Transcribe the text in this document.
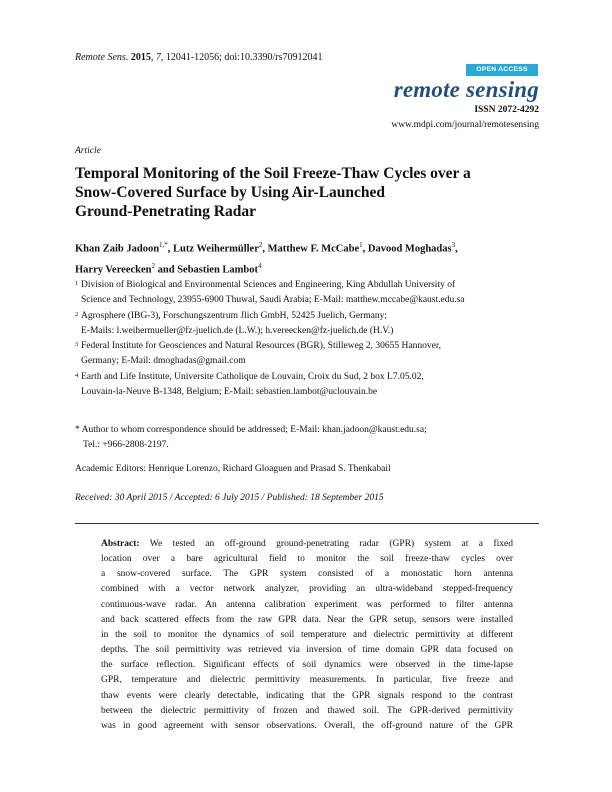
Remote Sens. 2015, 7, 12041-12056; doi:10.3390/rs70912041
OPEN ACCESS
remote sensing
ISSN 2072-4292
www.mdpi.com/journal/remotesensing
Article
Temporal Monitoring of the Soil Freeze-Thaw Cycles over a
Snow-Covered Surface by Using Air-Launched
Ground-Penetrating Radar
Khan Zaib Jadoon$^{1,*}$, Lutz Weihermüller$^2$, Matthew F. McCabe$^1$, Davood Moghadas$^3$,
Harry Vereecken$^2$ and Sebastien Lambot$^4$
1 Division of Biological and Environmental Sciences and Engineering, King Abdullah University of
Science and Technology, 23955-6900 Thuwal, Saudi Arabia; E-Mail: matthew.mccabe@kaust.edu.sa
2 Agrosphere (IBG-3), Forschungszentrum Jlich GmbH, 52425 Juelich, Germany;
E-Mails: l.weihermueller@fz-juelich.de (L.W.); h.vereecken@fz-juelich.de (H.V.)
3 Federal Institute for Geosciences and Natural Resources (BGR), Stilleweg 2, 30655 Hannover,
Germany; E-Mail: dmoghadas@gmail.com
4 Earth and Life Institute, Universite Catholique de Louvain, Croix du Sud, 2 box L7.05.02,
Louvain-la-Neuve B-1348, Belgium; E-Mail: sebastien.lambot@uclouvain.be
* Author to whom correspondence should be addressed; E-Mail: khan.jadoon@kaust.edu.sa;
Tel.: +966-2808-2197.
Academic Editors: Henrique Lorenzo, Richard Gloaguen and Prasad S. Thenkabail
Received: 30 April 2015 / Accepted: 6 July 2015 / Published: 18 September 2015
Abstract: We tested an off-ground ground-penetrating radar (GPR) system at a fixed
location over a bare agricultural field to monitor the soil freeze-thaw cycles over
a snow-covered surface. The GPR system consisted of a monostatic horn antenna
combined with a vector network analyzer, providing an ultra-wideband stepped-frequency
continuous-wave radar. An antenna calibration experiment was performed to filter antenna
and back scattered effects from the raw GPR data. Near the GPR setup, sensors were installed
in the soil to monitor the dynamics of soil temperature and dielectric permittivity at different
depths. The soil permittivity was retrieved via inversion of time domain GPR data focused on
the surface reflection. Significant effects of soil dynamics were observed in the time-lapse
GPR, temperature and dielectric permittivity measurements. In particular, five freeze and
thaw events were clearly detectable, indicating that the GPR signals respond to the contrast
between the dielectric permittivity of frozen and thawed soil. The GPR-derived permittivity
was in good agreement with sensor observations. Overall, the off-ground nature of the GPR
